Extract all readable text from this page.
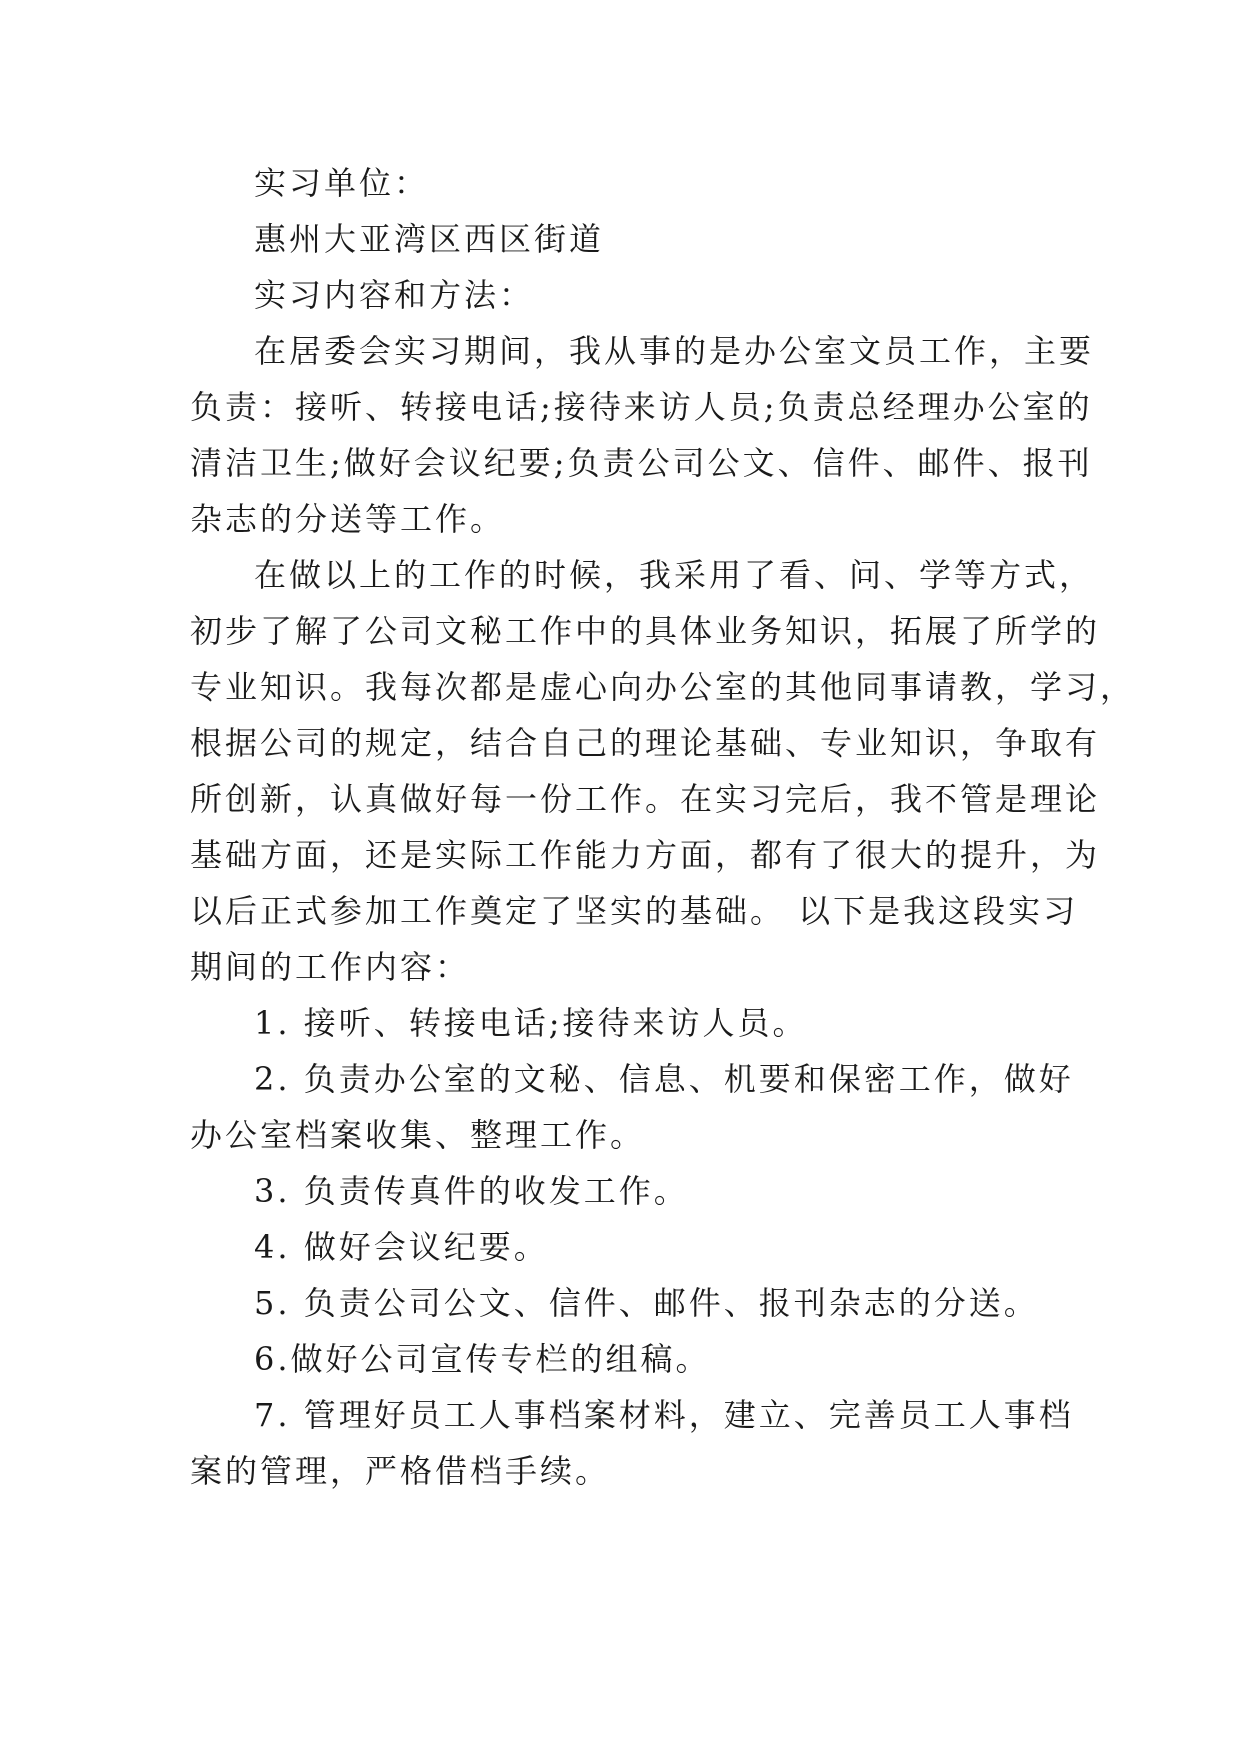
实习单位：
惠州大亚湾区西区街道
实习内容和方法：
在居委会实习期间，我从事的是办公室文员工作，主要
负责：接听、转接电话;接待来访人员;负责总经理办公室的
清洁卫生;做好会议纪要;负责公司公文、信件、邮件、报刊
杂志的分送等工作。
在做以上的工作的时候，我采用了看、问、学等方式，
初步了解了公司文秘工作中的具体业务知识，拓展了所学的
专业知识。我每次都是虚心向办公室的其他同事请教，学习，
根据公司的规定，结合自己的理论基础、专业知识，争取有
所创新，认真做好每一份工作。在实习完后，我不管是理论
基础方面，还是实际工作能力方面，都有了很大的提升，为
以后正式参加工作奠定了坚实的基础。 以下是我这段实习
期间的工作内容：
1. 接听、转接电话;接待来访人员。
2. 负责办公室的文秘、信息、机要和保密工作，做好
办公室档案收集、整理工作。
3. 负责传真件的收发工作。
4. 做好会议纪要。
5. 负责公司公文、信件、邮件、报刊杂志的分送。
6.做好公司宣传专栏的组稿。
7. 管理好员工人事档案材料，建立、完善员工人事档
案的管理，严格借档手续。
